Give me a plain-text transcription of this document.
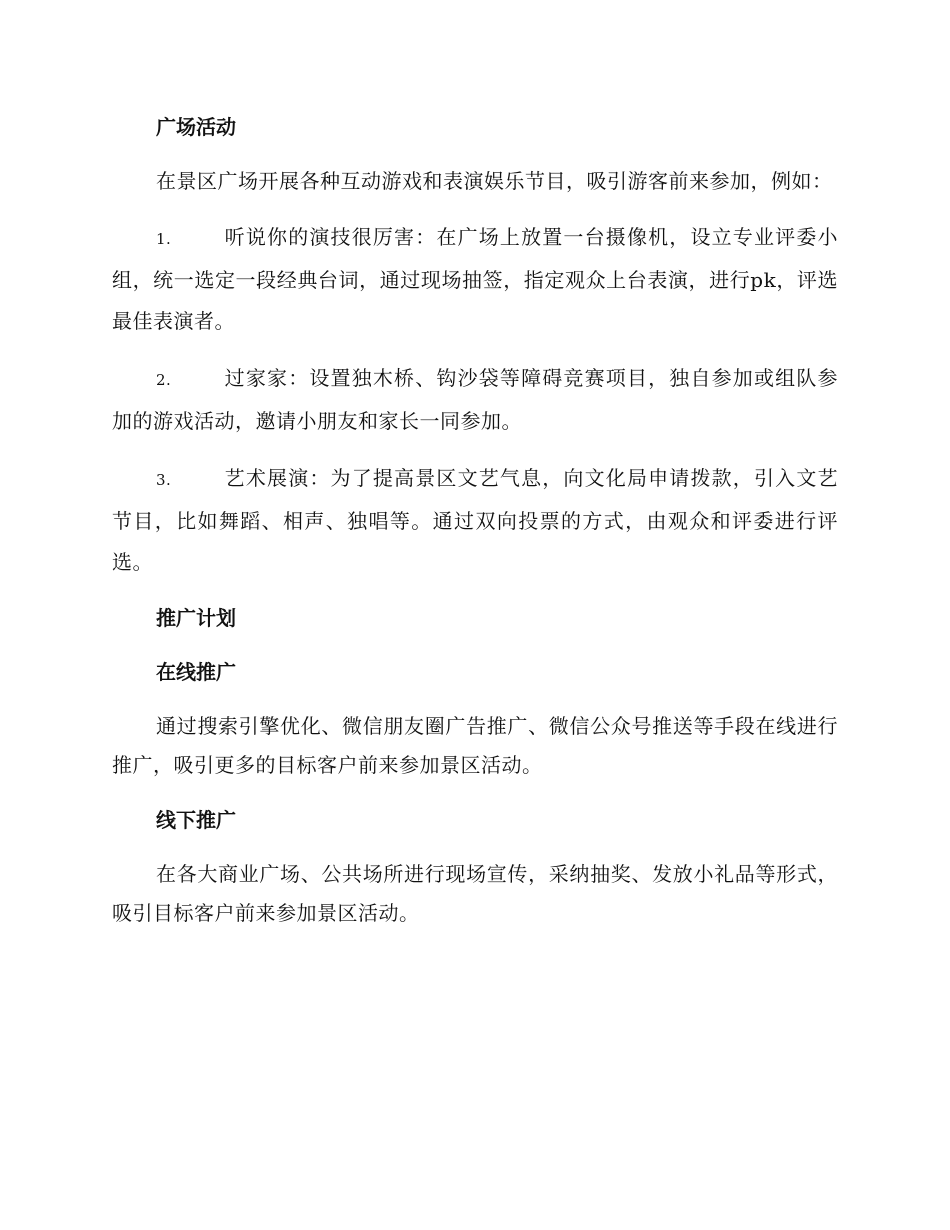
广场活动
在景区广场开展各种互动游戏和表演娱乐节目，吸引游客前来参加，例如：
1.	听说你的演技很厉害：在广场上放置一台摄像机，设立专业评委小组，统一选定一段经典台词，通过现场抽签，指定观众上台表演，进行pk，评选最佳表演者。
2.	过家家：设置独木桥、钩沙袋等障碍竞赛项目，独自参加或组队参加的游戏活动，邀请小朋友和家长一同参加。
3.	艺术展演：为了提高景区文艺气息，向文化局申请拨款，引入文艺节目，比如舞蹈、相声、独唱等。通过双向投票的方式，由观众和评委进行评选。
推广计划
在线推广
通过搜索引擎优化、微信朋友圈广告推广、微信公众号推送等手段在线进行推广，吸引更多的目标客户前来参加景区活动。
线下推广
在各大商业广场、公共场所进行现场宣传，采纳抽奖、发放小礼品等形式，吸引目标客户前来参加景区活动。
